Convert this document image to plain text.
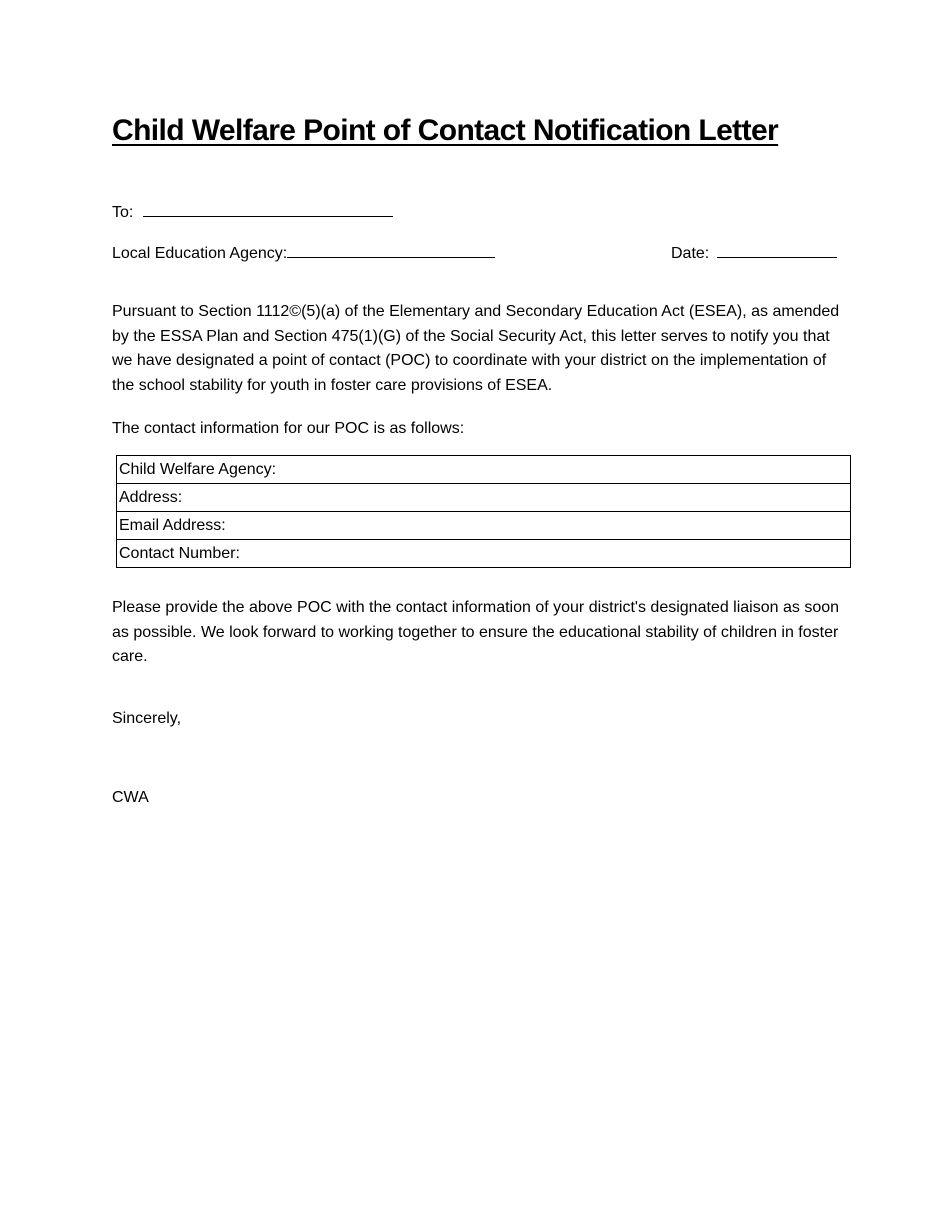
Child Welfare Point of Contact Notification Letter
To:
Local Education Agency:	Date:

Pursuant to Section 1112©(5)(a) of the Elementary and Secondary Education Act (ESEA), as amended by the ESSA Plan and Section 475(1)(G) of the Social Security Act, this letter serves to notify you that we have designated a point of contact (POC) to coordinate with your district on the implementation of the school stability for youth in foster care provisions of ESEA.

The contact information for our POC is as follows:

Child Welfare Agency:
Address:
Email Address:
Contact Number:

Please provide the above POC with the contact information of your district's designated liaison as soon as possible. We look forward to working together to ensure the educational stability of children in foster care.

Sincerely,

CWA
